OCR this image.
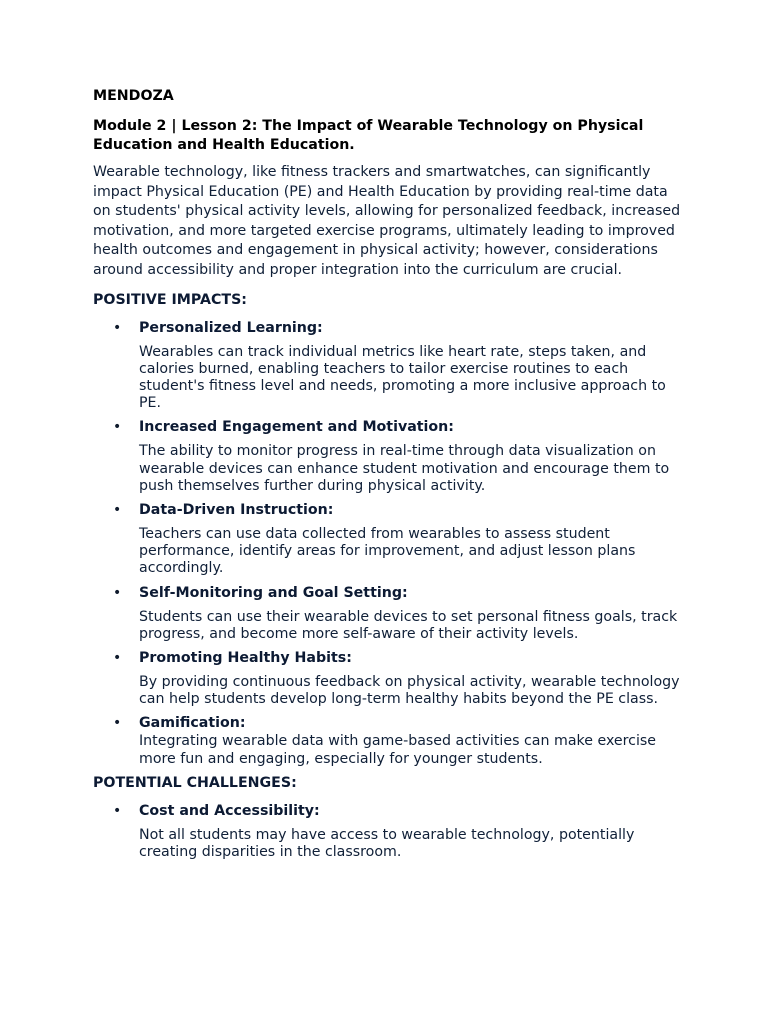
MENDOZA
Module 2 | Lesson 2: The Impact of Wearable Technology on Physical Education and Health Education.

Wearable technology, like fitness trackers and smartwatches, can significantly impact Physical Education (PE) and Health Education by providing real-time data on students' physical activity levels, allowing for personalized feedback, increased motivation, and more targeted exercise programs, ultimately leading to improved health outcomes and engagement in physical activity; however, considerations around accessibility and proper integration into the curriculum are crucial.

POSITIVE IMPACTS:
• Personalized Learning:

Wearables can track individual metrics like heart rate, steps taken, and calories burned, enabling teachers to tailor exercise routines to each student's fitness level and needs, promoting a more inclusive approach to PE.

• Increased Engagement and Motivation:

The ability to monitor progress in real-time through data visualization on wearable devices can enhance student motivation and encourage them to push themselves further during physical activity.

• Data-Driven Instruction:

Teachers can use data collected from wearables to assess student performance, identify areas for improvement, and adjust lesson plans accordingly.

• Self-Monitoring and Goal Setting:

Students can use their wearable devices to set personal fitness goals, track progress, and become more self-aware of their activity levels.

• Promoting Healthy Habits:

By providing continuous feedback on physical activity, wearable technology can help students develop long-term healthy habits beyond the PE class.

• Gamification:

Integrating wearable data with game-based activities can make exercise more fun and engaging, especially for younger students.

POTENTIAL CHALLENGES:
• Cost and Accessibility:

Not all students may have access to wearable technology, potentially creating disparities in the classroom.
